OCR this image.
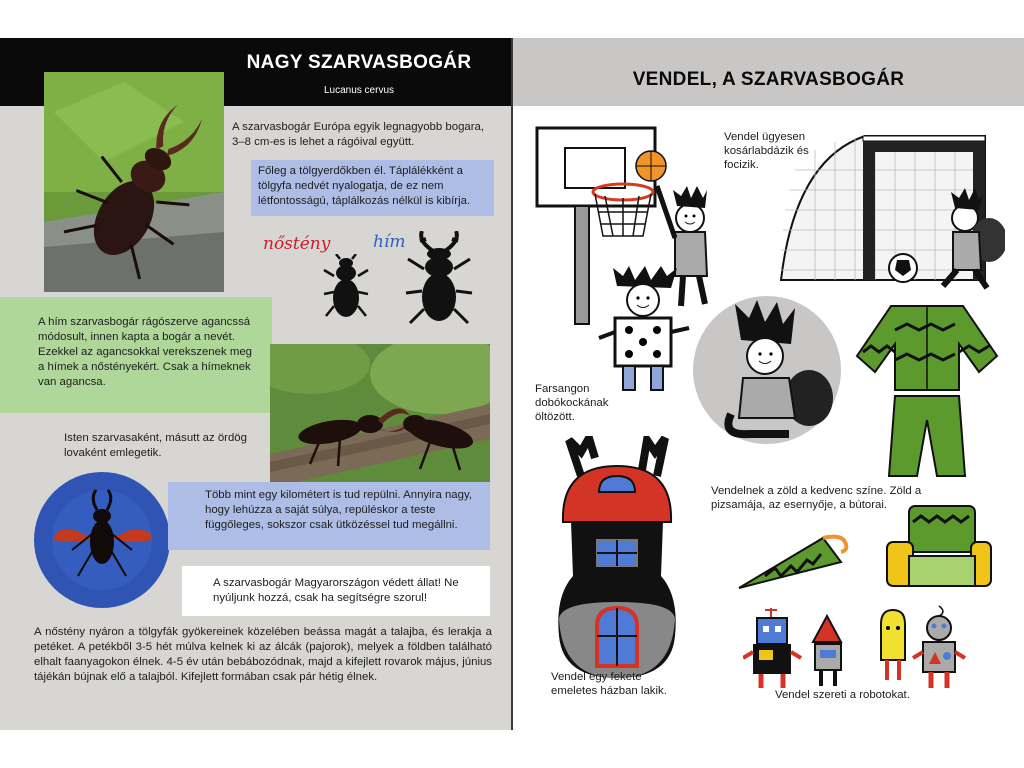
NAGY SZARVASBOGÁR
Lucanus cervus
A szarvasbogár Európa egyik legnagyobb bogara, 3–8 cm-es is lehet a rágóival együtt.
Főleg a tölgyerdőkben él. Táplálékként a tölgyfa nedvét nyalogatja, de ez nem létfontosságú, táplálkozás nélkül is kibírja.
nőstény	hím
A hím szarvasbogár rágószerve agancssá módosult, innen kapta a bogár a nevét. Ezekkel az agancsokkal verekszenek meg a hímek a nőstényekért. Csak a hímeknek van agancsa.
Isten szarvasaként, másutt az ördög lovaként emlegetik.
Több mint egy kilométert is tud repülni. Annyira nagy, hogy lehúzza a saját súlya, repüléskor a teste függőleges, sokszor csak ütközéssel tud megállni.
A szarvasbogár Magyarországon védett állat! Ne nyúljunk hozzá, csak ha segítségre szorul!
A nőstény nyáron a tölgyfák gyökereinek közelében beássa magát a talajba, és lerakja a petéket. A petékből 3-5 hét múlva kelnek ki az álcák (pajorok), melyek a földben található elhalt faanyagokon élnek. 4-5 év után bebábozódnak, majd a kifejlett rovarok május, június tájékán bújnak elő a talajból. Kifejlett formában csak pár hétig élnek.
VENDEL, A SZARVASBOGÁR
Vendel ügyesen kosárlabdázik és focizik.
Farsangon dobókockának öltözött.
Vendel egy fekete emeletes házban lakik.
Vendelnek a zöld a kedvenc színe. Zöld a pizsamája, az esernyője, a bútorai.
Vendel szereti a robotokat.
